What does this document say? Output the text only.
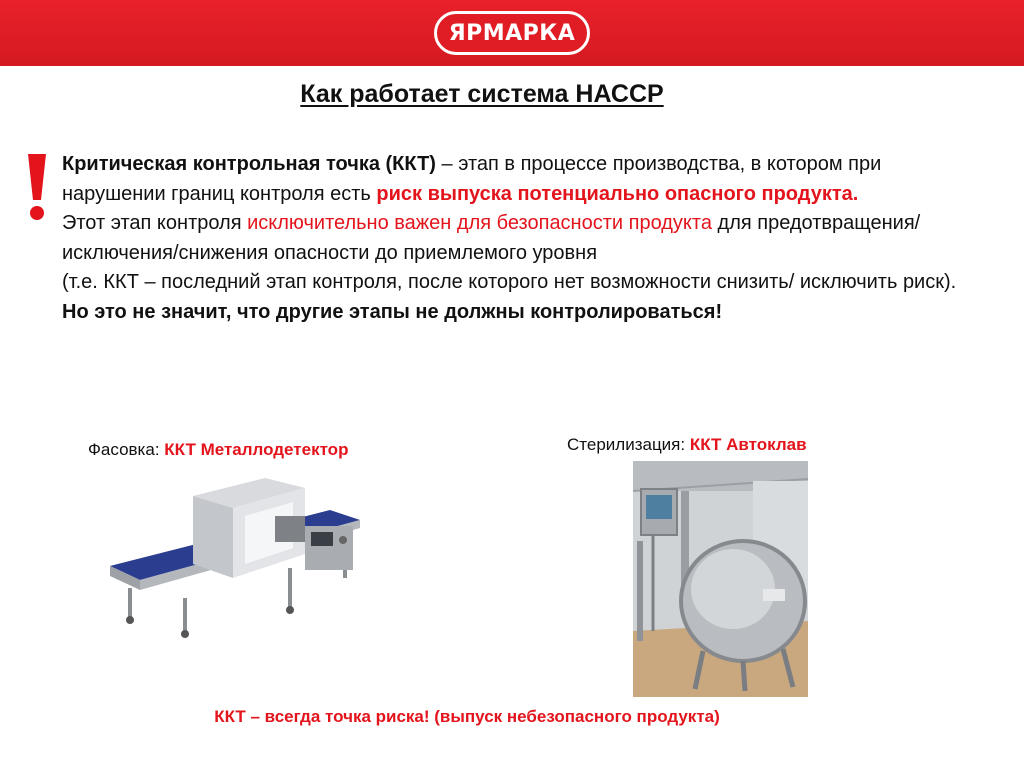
ЯРМАРКА
Как работает система НАССР

Критическая контрольная точка (ККТ) – этап в процессе производства, в котором при нарушении границ контроля есть риск выпуска потенциально опасного продукта.

Этот этап контроля исключительно важен для безопасности продукта для предотвращения/исключения/снижения опасности до приемлемого уровня

(т.е. ККТ – последний этап контроля, после которого нет возможности снизить/ исключить риск).

Но это не значит, что другие этапы не должны контролироваться!

Фасовка: ККТ Металлодетектор	Стерилизация: ККТ Автоклав
ККТ – всегда точка риска! (выпуск небезопасного продукта)
